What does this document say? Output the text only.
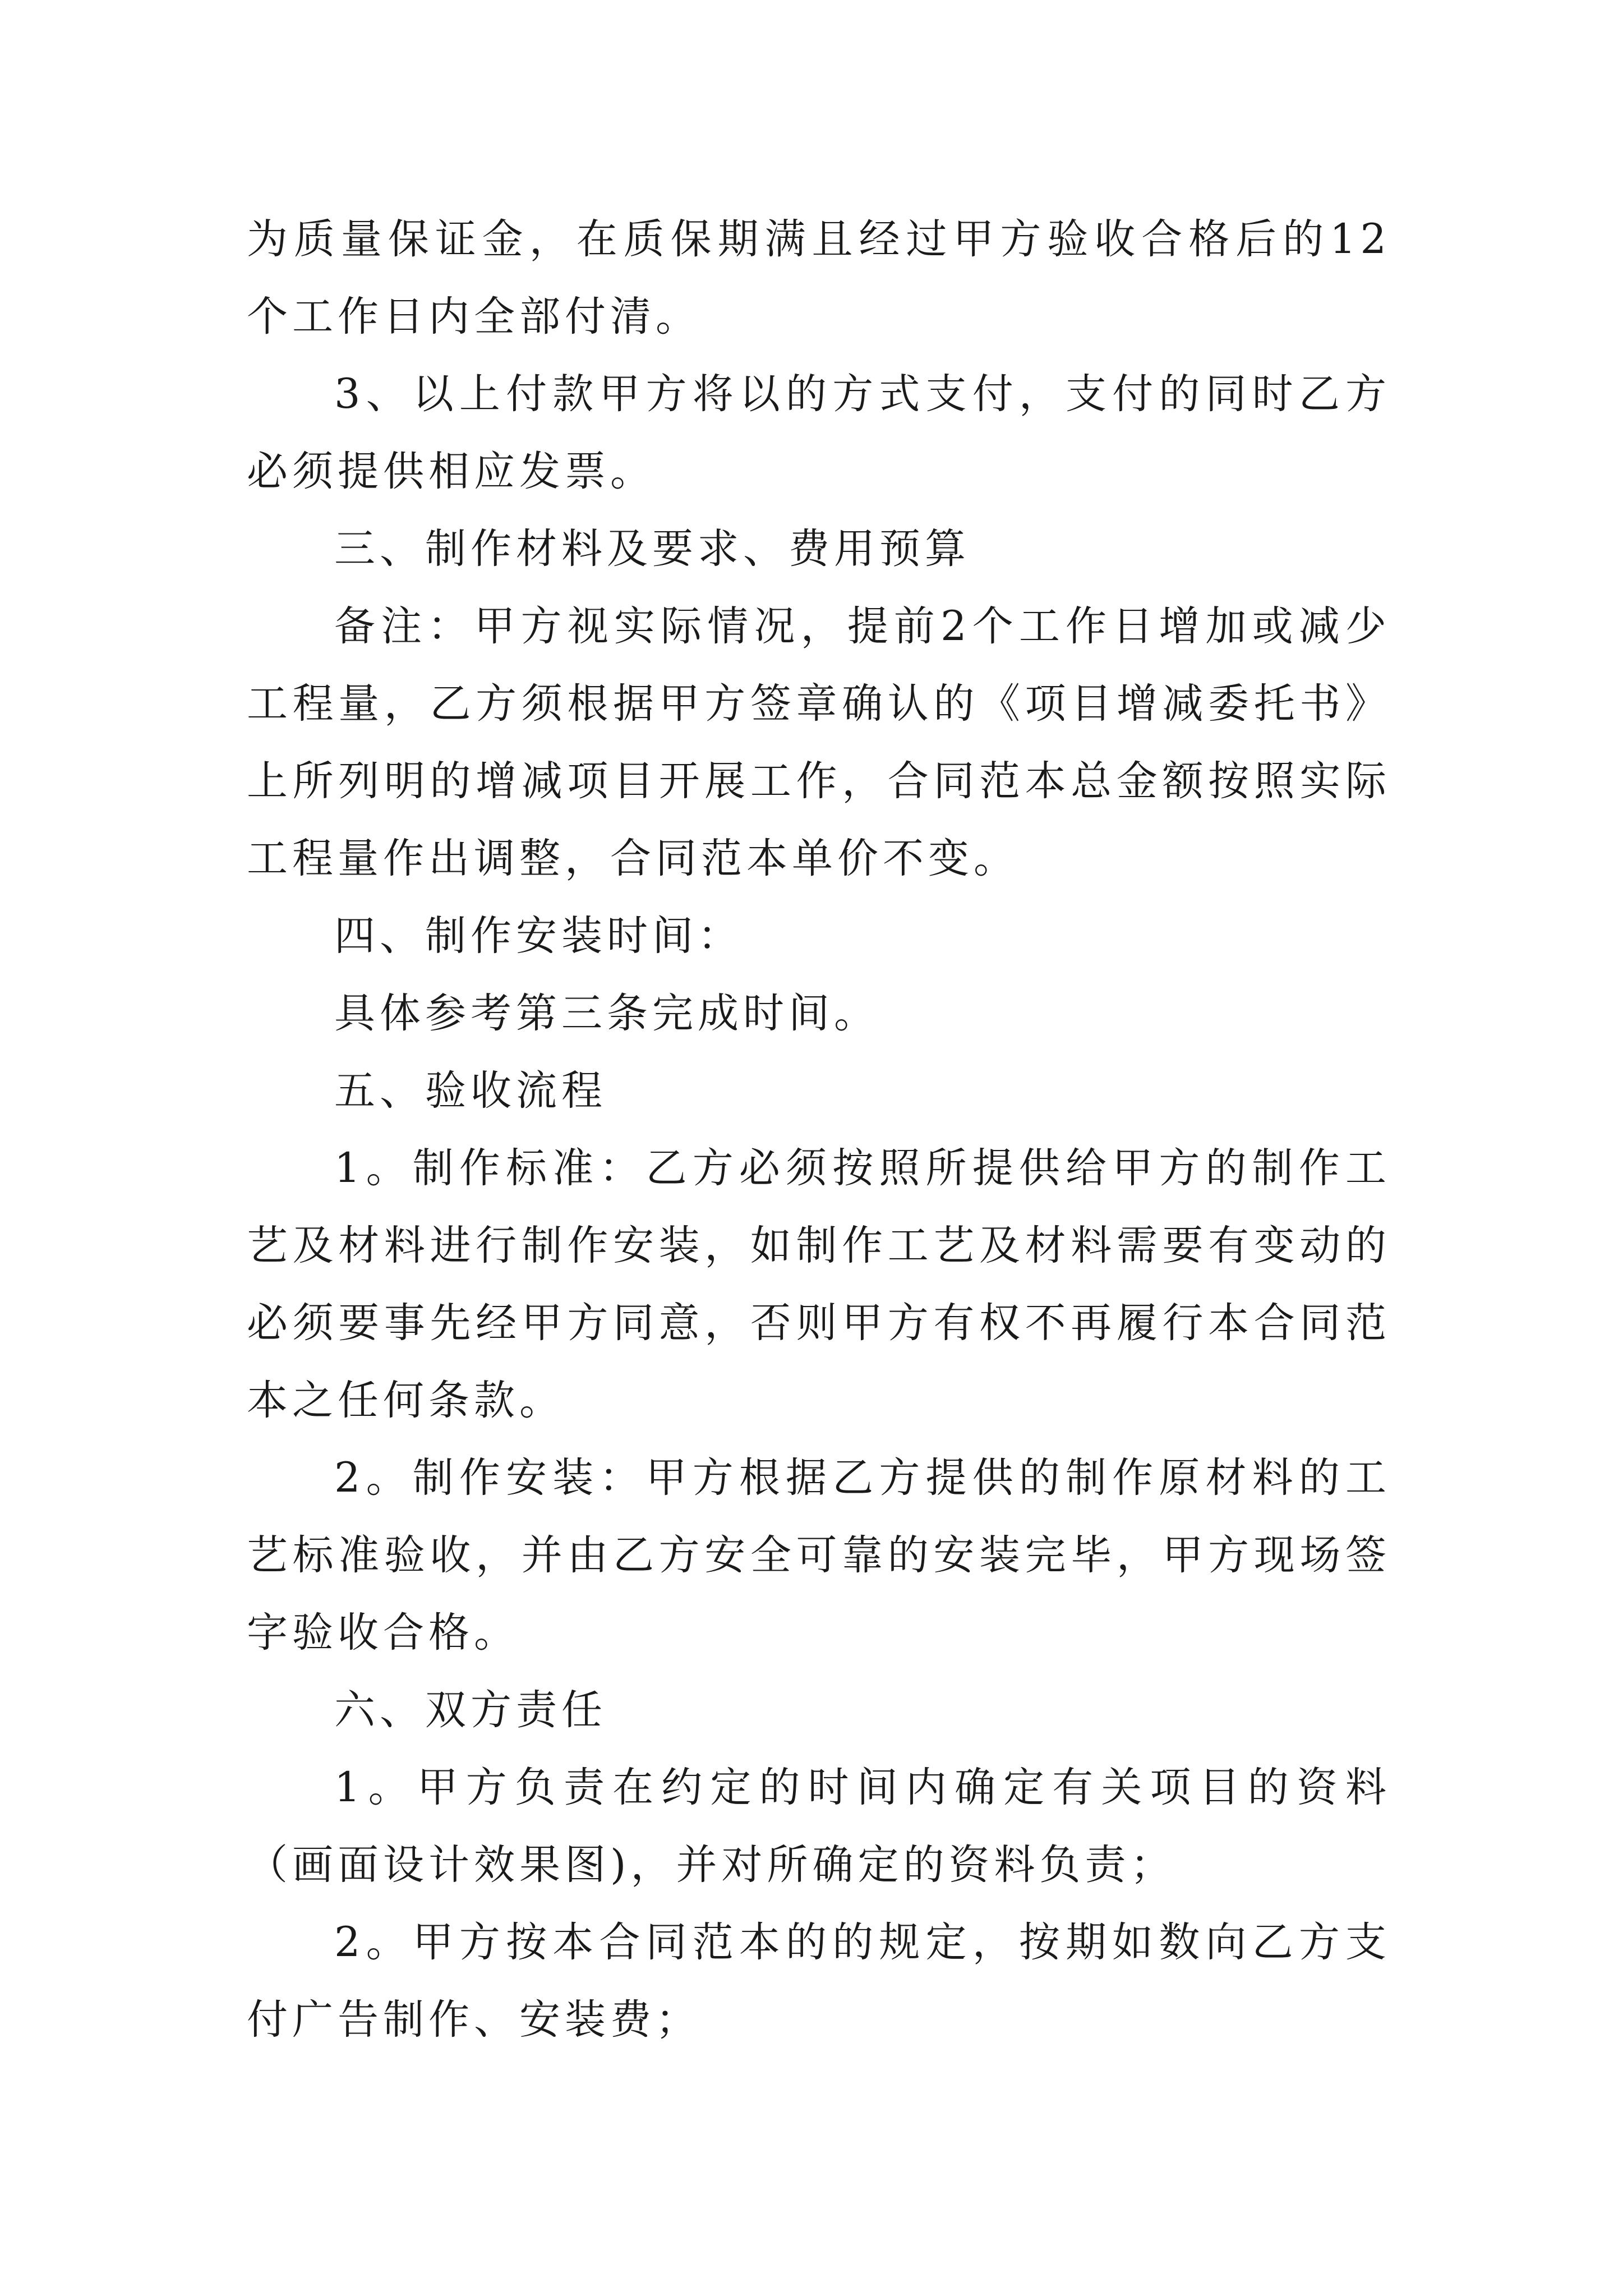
为质量保证金，在质保期满且经过甲方验收合格后的12个工作日内全部付清。

3、以上付款甲方将以的方式支付，支付的同时乙方必须提供相应发票。

三、制作材料及要求、费用预算

备注：甲方视实际情况，提前2个工作日增加或减少工程量，乙方须根据甲方签章确认的《项目增减委托书》上所列明的增减项目开展工作，合同范本总金额按照实际工程量作出调整，合同范本单价不变。

四、制作安装时间：

具体参考第三条完成时间。

五、验收流程

1。制作标准：乙方必须按照所提供给甲方的制作工艺及材料进行制作安装，如制作工艺及材料需要有变动的必须要事先经甲方同意，否则甲方有权不再履行本合同范本之任何条款。

2。制作安装：甲方根据乙方提供的制作原材料的工艺标准验收，并由乙方安全可靠的安装完毕，甲方现场签字验收合格。

六、双方责任

1。甲方负责在约定的时间内确定有关项目的资料（画面设计效果图)，并对所确定的资料负责；

2。甲方按本合同范本的的规定，按期如数向乙方支付广告制作、安装费；
